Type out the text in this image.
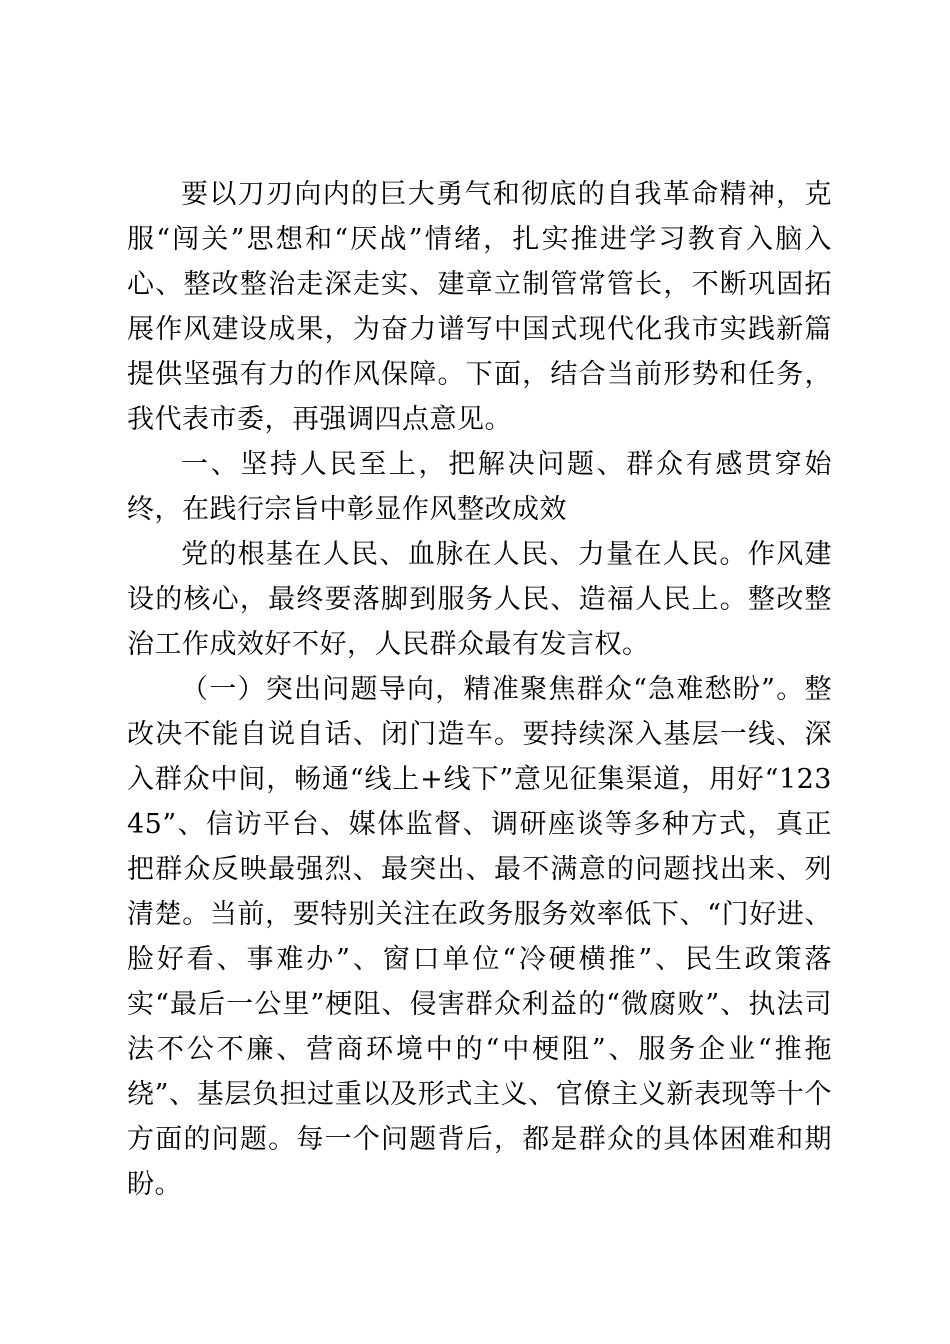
要以刀刃向内的巨大勇气和彻底的自我革命精神，克服“闯关”思想和“厌战”情绪，扎实推进学习教育入脑入心、整改整治走深走实、建章立制管常管长，不断巩固拓展作风建设成果，为奋力谱写中国式现代化我市实践新篇提供坚强有力的作风保障。下面，结合当前形势和任务，我代表市委，再强调四点意见。

一、坚持人民至上，把解决问题、群众有感贯穿始终，在践行宗旨中彰显作风整改成效

党的根基在人民、血脉在人民、力量在人民。作风建设的核心，最终要落脚到服务人民、造福人民上。整改整治工作成效好不好，人民群众最有发言权。

（一）突出问题导向，精准聚焦群众“急难愁盼”。整改决不能自说自话、闭门造车。要持续深入基层一线、深入群众中间，畅通“线上+线下”意见征集渠道，用好“12345”、信访平台、媒体监督、调研座谈等多种方式，真正把群众反映最强烈、最突出、最不满意的问题找出来、列清楚。当前，要特别关注在政务服务效率低下、“门好进、脸好看、事难办”、窗口单位“冷硬横推”、民生政策落实“最后一公里”梗阻、侵害群众利益的“微腐败”、执法司法不公不廉、营商环境中的“中梗阻”、服务企业“推拖绕”、基层负担过重以及形式主义、官僚主义新表现等十个方面的问题。每一个问题背后，都是群众的具体困难和期盼。
